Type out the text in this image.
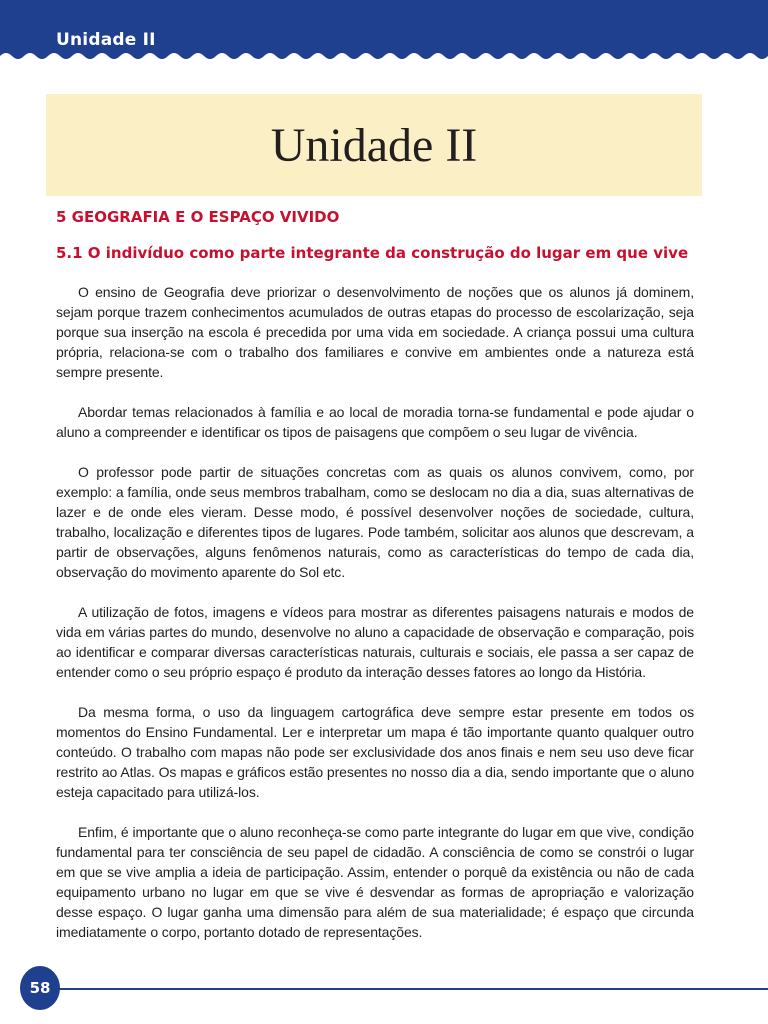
Unidade II
Unidade II
5 GEOGRAFIA E O ESPAÇO VIVIDO
5.1 O indivíduo como parte integrante da construção do lugar em que vive

O ensino de Geografia deve priorizar o desenvolvimento de noções que os alunos já dominem, sejam porque trazem conhecimentos acumulados de outras etapas do processo de escolarização, seja porque sua inserção na escola é precedida por uma vida em sociedade. A criança possui uma cultura própria, relaciona-se com o trabalho dos familiares e convive em ambientes onde a natureza está sempre presente.

Abordar temas relacionados à família e ao local de moradia torna-se fundamental e pode ajudar o aluno a compreender e identificar os tipos de paisagens que compõem o seu lugar de vivência.

O professor pode partir de situações concretas com as quais os alunos convivem, como, por exemplo: a família, onde seus membros trabalham, como se deslocam no dia a dia, suas alternativas de lazer e de onde eles vieram. Desse modo, é possível desenvolver noções de sociedade, cultura, trabalho, localização e diferentes tipos de lugares. Pode também, solicitar aos alunos que descrevam, a partir de observações, alguns fenômenos naturais, como as características do tempo de cada dia, observação do movimento aparente do Sol etc.

A utilização de fotos, imagens e vídeos para mostrar as diferentes paisagens naturais e modos de vida em várias partes do mundo, desenvolve no aluno a capacidade de observação e comparação, pois ao identificar e comparar diversas características naturais, culturais e sociais, ele passa a ser capaz de entender como o seu próprio espaço é produto da interação desses fatores ao longo da História.

Da mesma forma, o uso da linguagem cartográfica deve sempre estar presente em todos os momentos do Ensino Fundamental. Ler e interpretar um mapa é tão importante quanto qualquer outro conteúdo. O trabalho com mapas não pode ser exclusividade dos anos finais e nem seu uso deve ficar restrito ao Atlas. Os mapas e gráficos estão presentes no nosso dia a dia, sendo importante que o aluno esteja capacitado para utilizá-los.

Enfim, é importante que o aluno reconheça-se como parte integrante do lugar em que vive, condição fundamental para ter consciência de seu papel de cidadão. A consciência de como se constrói o lugar em que se vive amplia a ideia de participação. Assim, entender o porquê da existência ou não de cada equipamento urbano no lugar em que se vive é desvendar as formas de apropriação e valorização desse espaço. O lugar ganha uma dimensão para além de sua materialidade; é espaço que circunda imediatamente o corpo, portanto dotado de representações.

58
